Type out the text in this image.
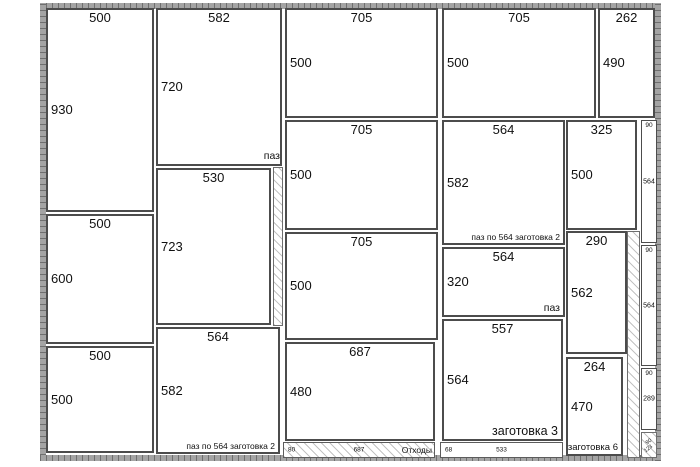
500
930
500
600
500
500
582
720
530
723
564
582
паз по 564 заготовка 2
705
500
705
500
705
500
687
480
705
500
564
582
паз по 564 заготовка 2
564
320
паз
557
564
заготовка 3
262
490
325
500
290
562
264
470
заготовка 6
90
564
90
564
90
289
80	687	Отходы 68	533
90
123
паз
